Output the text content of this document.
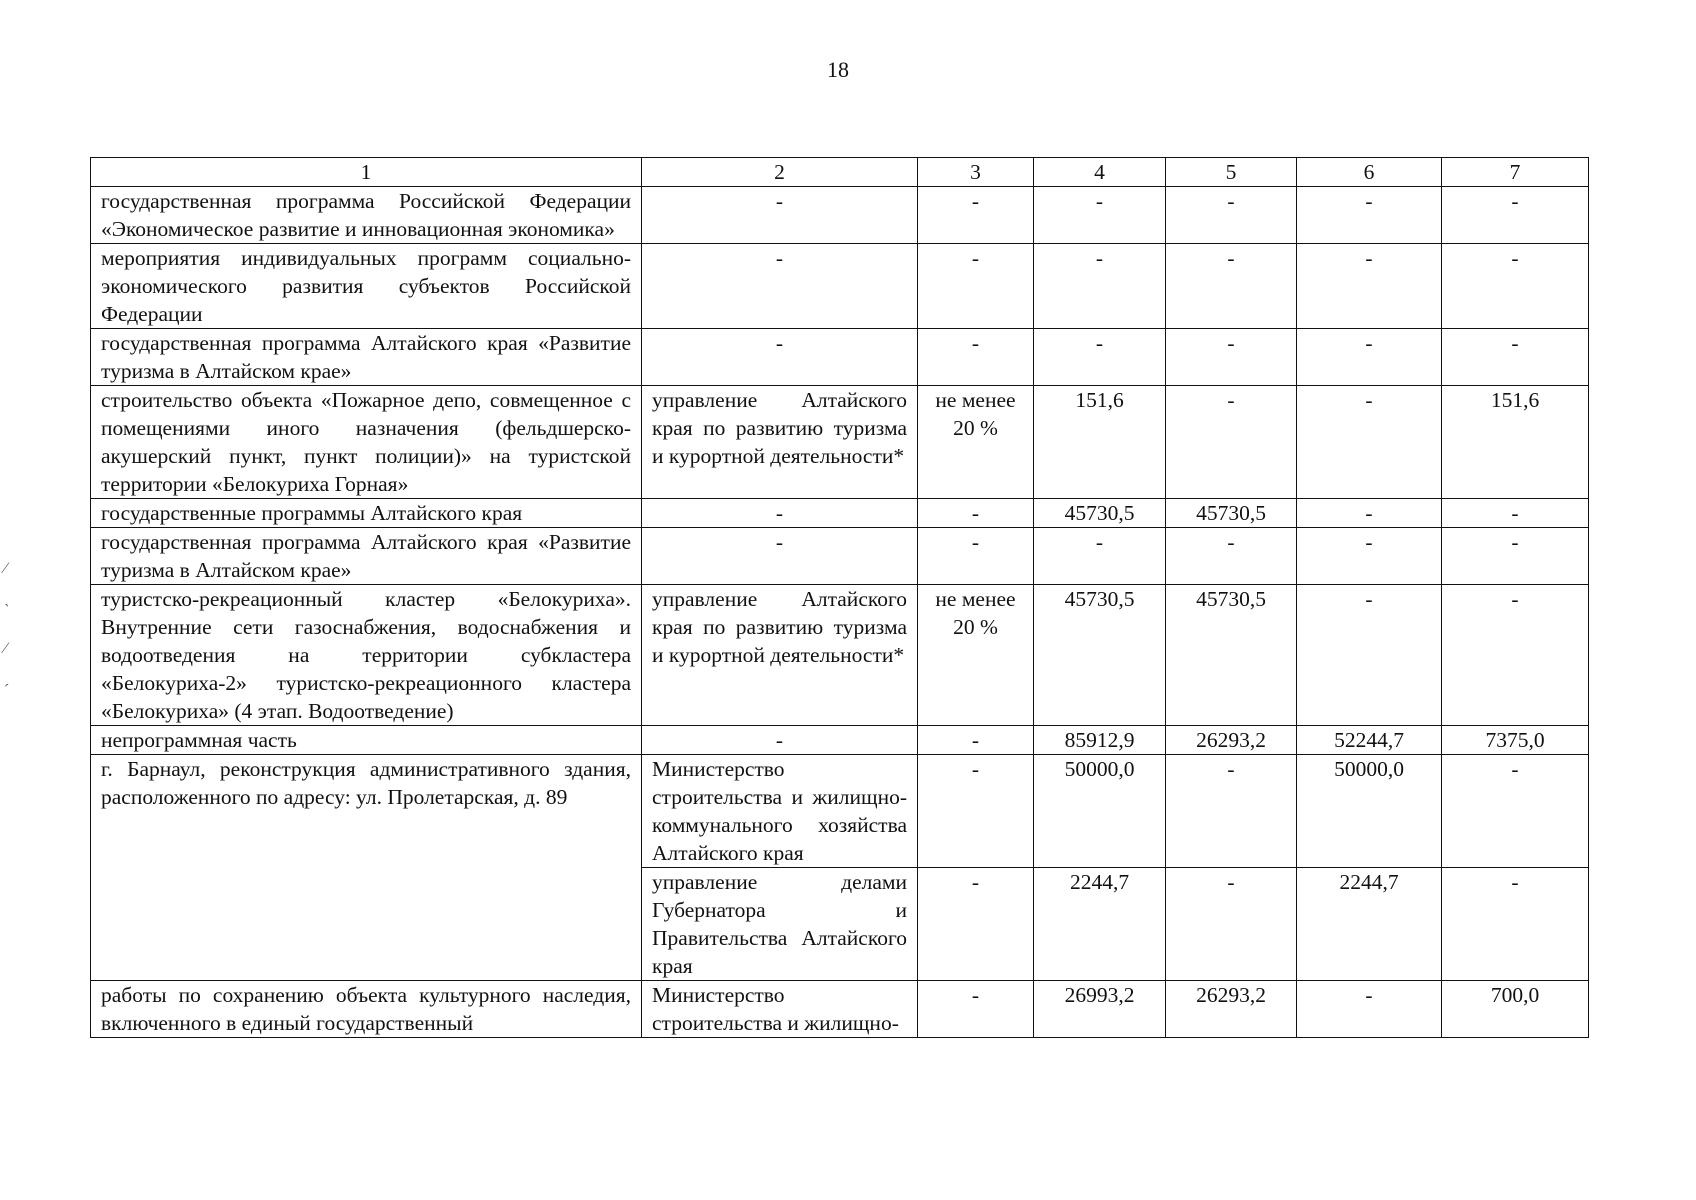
18
⁄
ˎ
⁄
ˏ
1	2	3	4	5	6	7
государственная программа Российской Федерации «Экономическое развитие и инновационная экономика»	-	-	-	-	-	-
мероприятия индивидуальных программ социально-экономического развития субъектов Российской Федерации	-	-	-	-	-	-
государственная программа Алтайского края «Развитие туризма в Алтайском крае»	-	-	-	-	-	-
строительство объекта «Пожарное депо, совмещенное с помещениями иного назначения (фельдшерско-акушерский пункт, пункт полиции)» на туристской территории «Белокуриха Горная»	управление Алтайского края по развитию туризма и курортной деятельности*	не менее 20 %	151,6	-	-	151,6
государственные программы Алтайского края	-	-	45730,5	45730,5	-	-
государственная программа Алтайского края «Развитие туризма в Алтайском крае»	-	-	-	-	-	-
туристско-рекреационный кластер «Белокуриха». Внутренние сети газоснабжения, водоснабжения и водоотведения на территории субкластера «Белокуриха-2» туристско-рекреационного кластера «Белокуриха» (4 этап. Водоотведение)	управление Алтайского края по развитию туризма и курортной деятельности*	не менее 20 %	45730,5	45730,5	-	-
непрограммная часть	-	-	85912,9	26293,2	52244,7	7375,0
г. Барнаул, реконструкция административного здания, расположенного по адресу: ул. Пролетарская, д. 89	Министерство строительства и жилищно-коммунального хозяйства Алтайского края	-	50000,0	-	50000,0	-
	управление делами Губернатора и Правительства Алтайского края	-	2244,7	-	2244,7	-
работы по сохранению объекта культурного наследия, включенного в единый государственный	Министерство строительства и жилищно-	-	26993,2	26293,2	-	700,0
